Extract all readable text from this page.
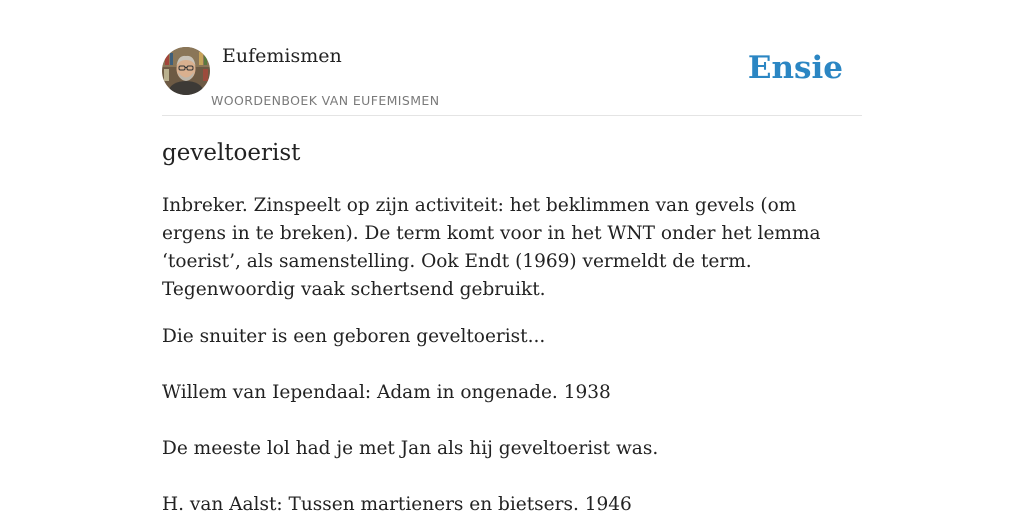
Eufemismen
WOORDENBOEK VAN EUFEMISMEN
Ensie
geveltoerist

Inbreker. Zinspeelt op zijn activiteit: het beklimmen van gevels (om ergens in te breken). De term komt voor in het WNT onder het lemma ‘toerist’, als samenstelling. Ook Endt (1969) vermeldt de term. Tegenwoordig vaak schertsend gebruikt.

Die snuiter is een geboren geveltoerist...

Willem van Iependaal: Adam in ongenade. 1938

De meeste lol had je met Jan als hij geveltoerist was.

H. van Aalst: Tussen martieners en bietsers. 1946
